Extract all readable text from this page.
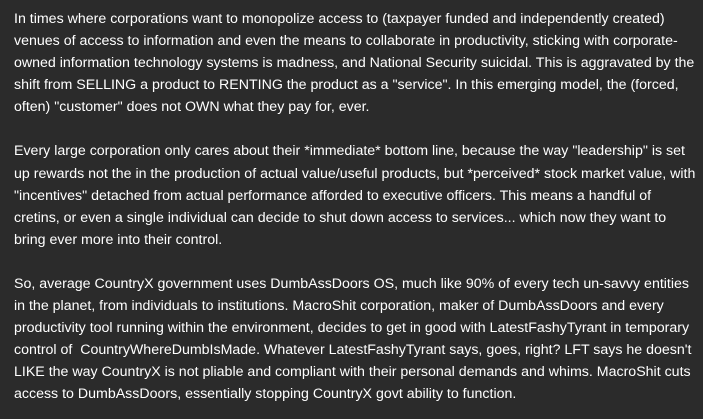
In times where corporations want to monopolize access to (taxpayer funded and independently created) venues of access to information and even the means to collaborate in productivity, sticking with corporate-owned information technology systems is madness, and National Security suicidal. This is aggravated by the shift from SELLING a product to RENTING the product as a "service". In this emerging model, the (forced, often) "customer" does not OWN what they pay for, ever.

Every large corporation only cares about their *immediate* bottom line, because the way "leadership" is set  up rewards not the in the production of actual value/useful products, but *perceived* stock market value, with "incentives" detached from actual performance afforded to executive officers. This means a handful of cretins, or even a single individual can decide to shut down access to services... which now they want to bring ever more into their control.

So, average CountryX government uses DumbAssDoors OS, much like 90% of every tech un-savvy entities in the planet, from individuals to institutions. MacroShit corporation, maker of DumbAssDoors and every productivity tool running within the environment, decides to get in good with LatestFashyTyrant in temporary control of  CountryWhereDumbIsMade. Whatever LatestFashyTyrant says, goes, right? LFT says he doesn't LIKE the way CountryX is not pliable and compliant with their personal demands and whims. MacroShit cuts access to DumbAssDoors, essentially stopping CountryX govt ability to function.
